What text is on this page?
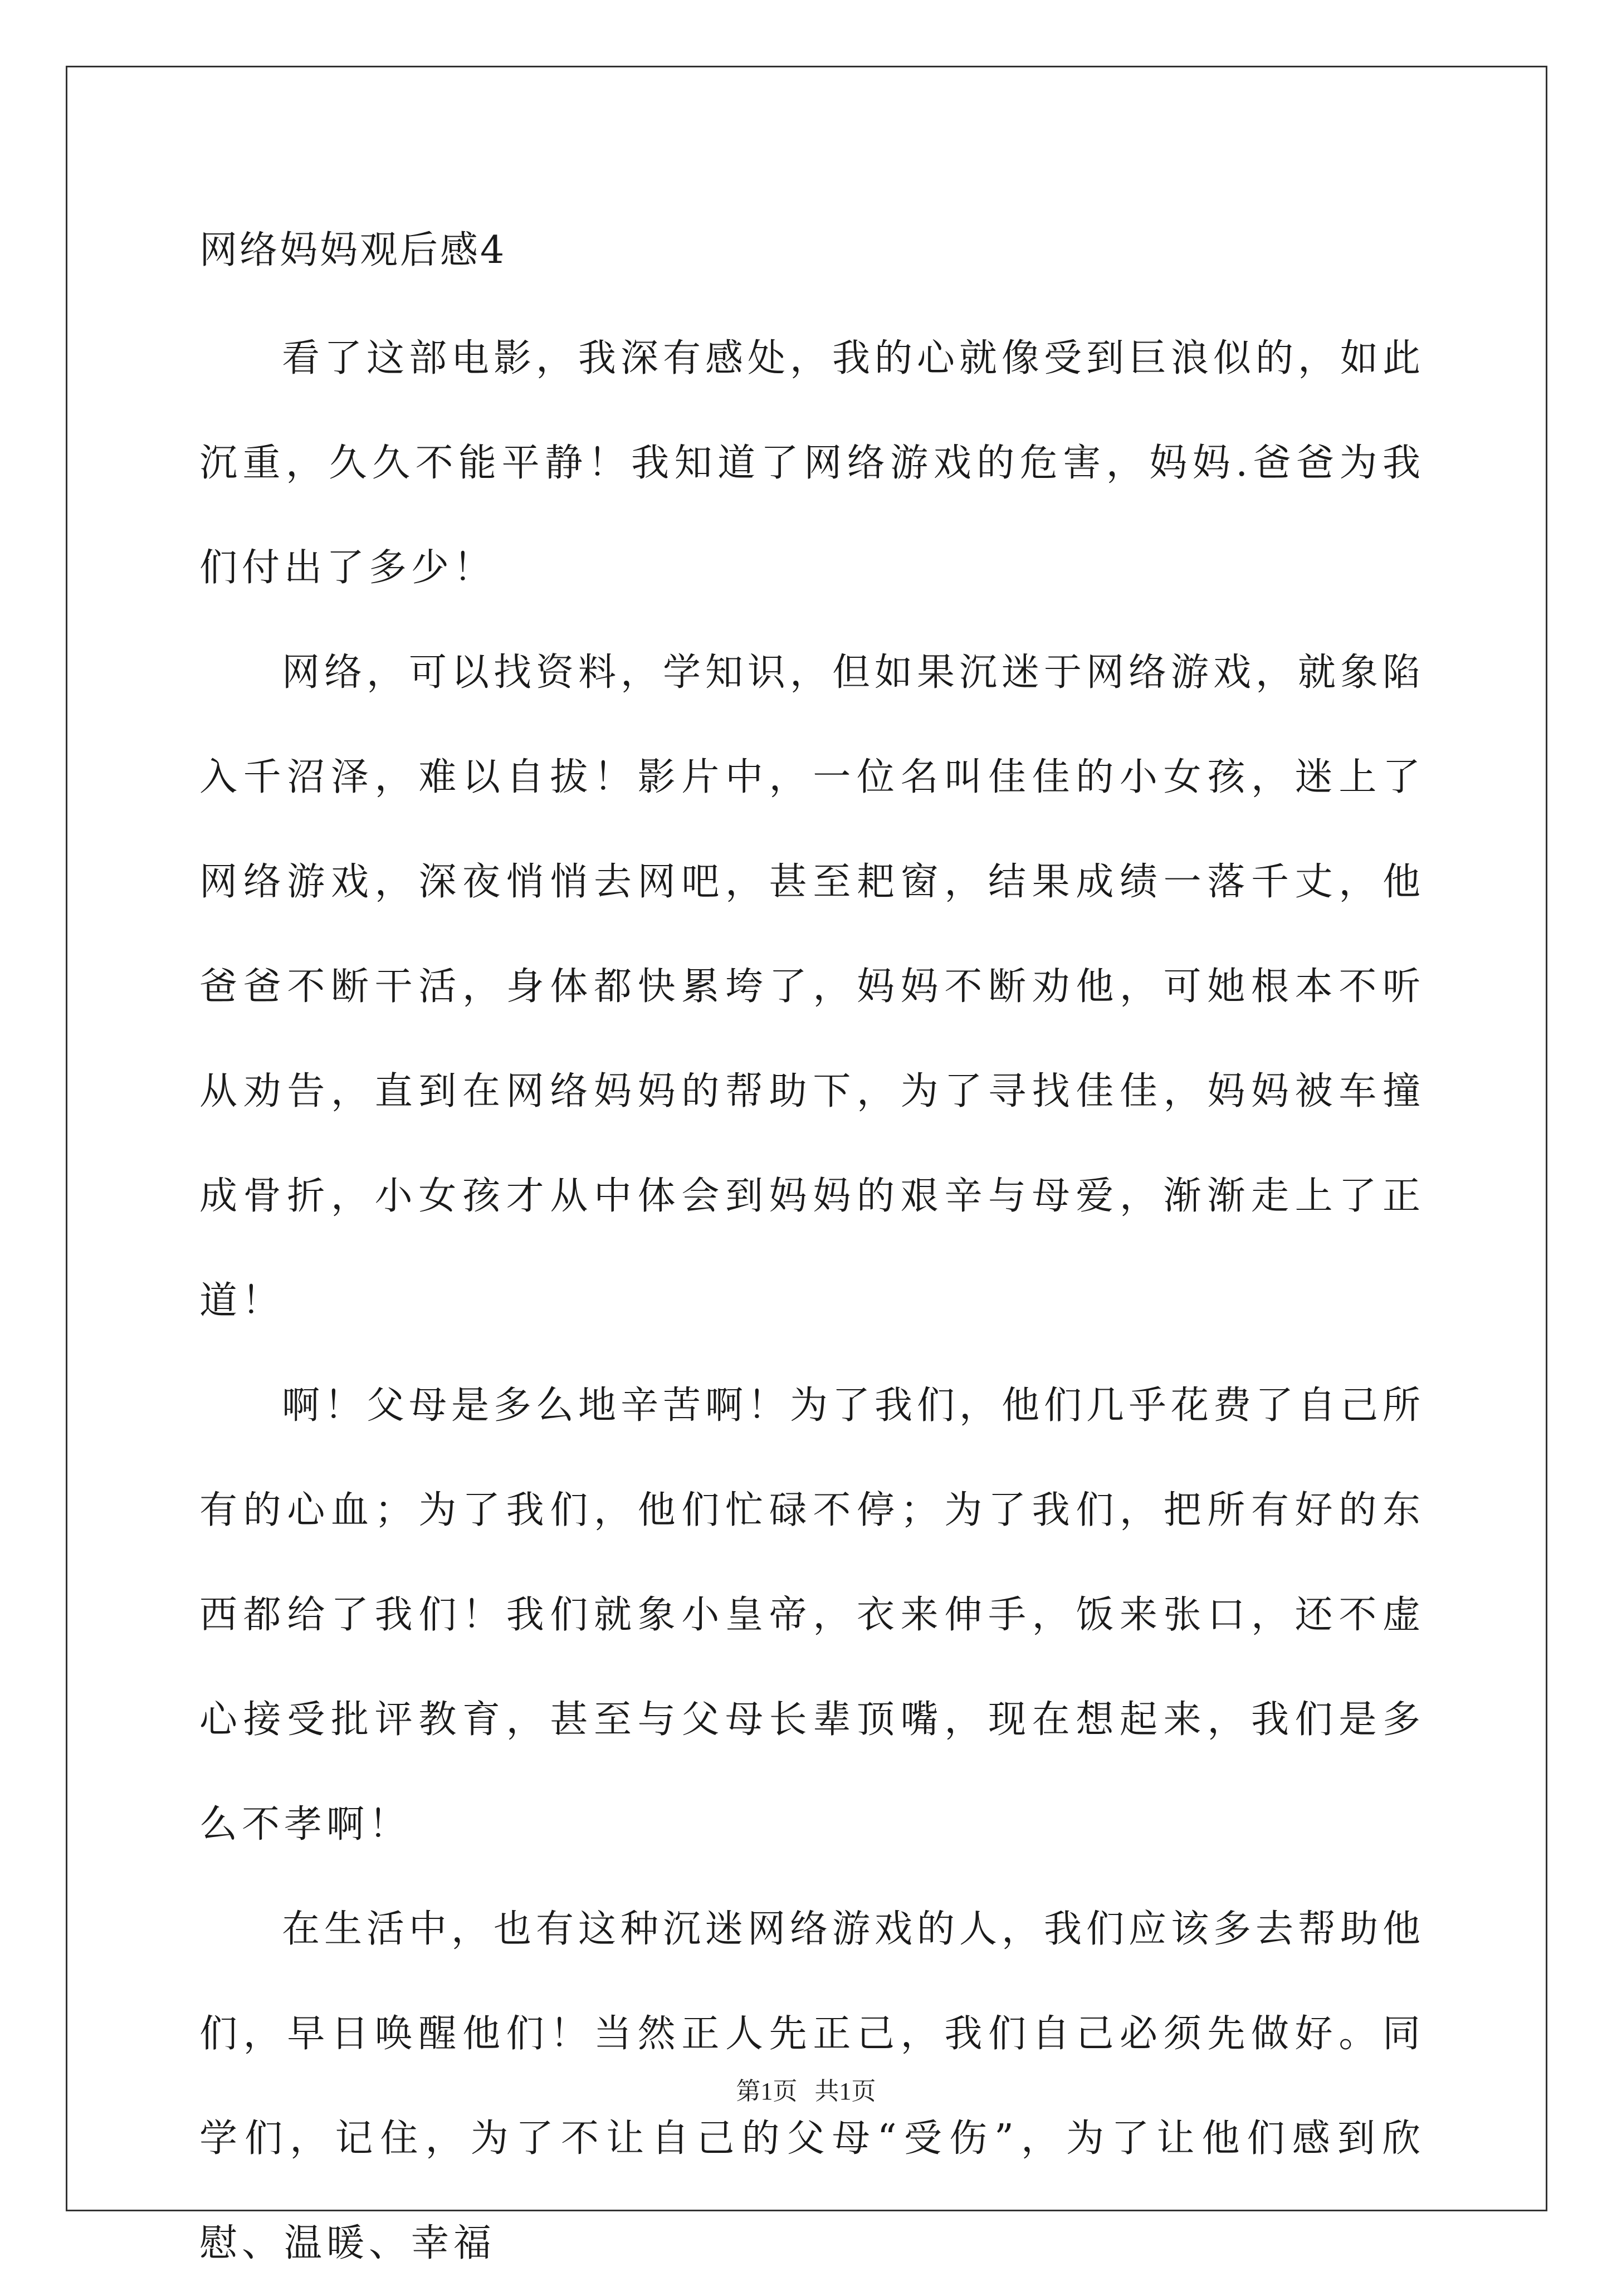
网络妈妈观后感4

看了这部电影，我深有感处，我的心就像受到巨浪似的，如此沉重，久久不能平静！我知道了网络游戏的危害，妈妈.爸爸为我们付出了多少！

网络，可以找资料，学知识，但如果沉迷于网络游戏，就象陷入千沼泽，难以自拔！影片中，一位名叫佳佳的小女孩，迷上了网络游戏，深夜悄悄去网吧，甚至耙窗，结果成绩一落千丈，他爸爸不断干活，身体都快累垮了，妈妈不断劝他，可她根本不听从劝告，直到在网络妈妈的帮助下，为了寻找佳佳，妈妈被车撞成骨折，小女孩才从中体会到妈妈的艰辛与母爱，渐渐走上了正道！

啊！父母是多么地辛苦啊！为了我们，他们几乎花费了自己所有的心血；为了我们，他们忙碌不停；为了我们，把所有好的东西都给了我们！我们就象小皇帝，衣来伸手，饭来张口，还不虚心接受批评教育，甚至与父母长辈顶嘴，现在想起来，我们是多么不孝啊！

在生活中，也有这种沉迷网络游戏的人，我们应该多去帮助他们，早日唤醒他们！当然正人先正己，我们自己必须先做好。同学们，记住，为了不让自己的父母“受伤”，为了让他们感到欣慰、温暖、幸福

第1页 共1页
